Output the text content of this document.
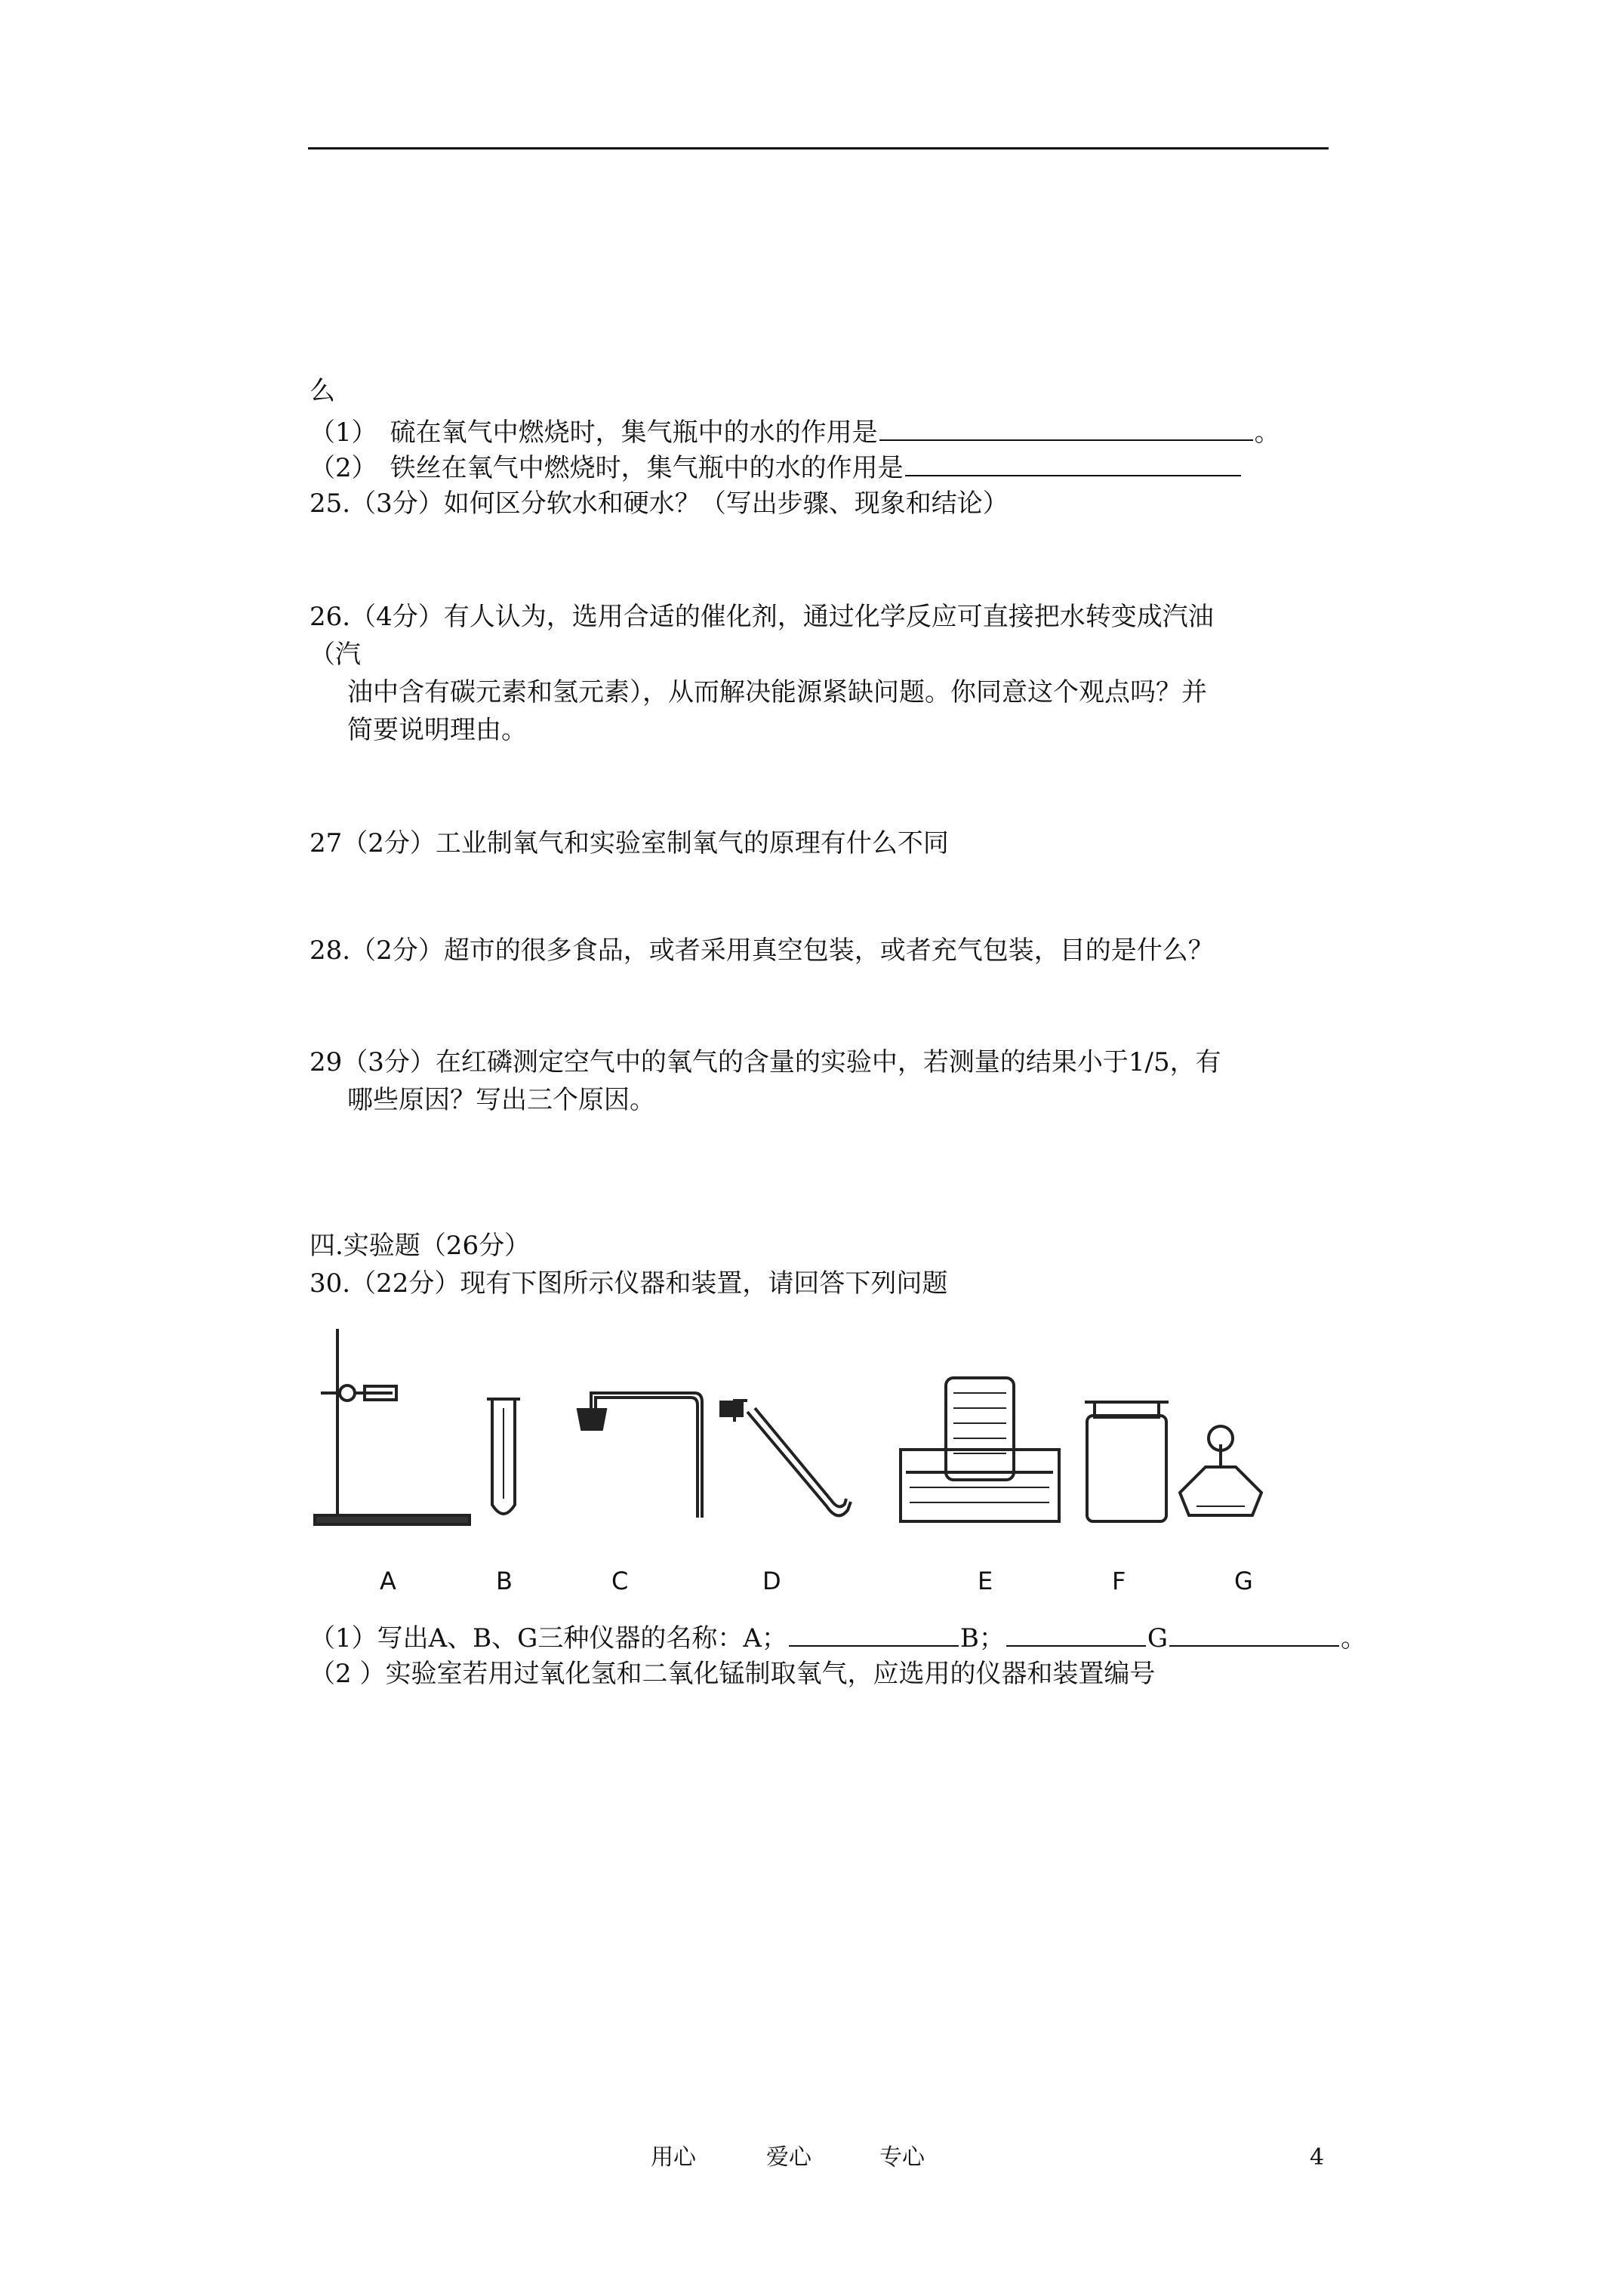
么
（1）　硫在氧气中燃烧时，集气瓶中的水的作用是	。
（2）　铁丝在氧气中燃烧时，集气瓶中的水的作用是
25.（3分）如何区分软水和硬水？（写出步骤、现象和结论）
26.（4分）有人认为，选用合适的催化剂，通过化学反应可直接把水转变成汽油
（汽
油中含有碳元素和氢元素），从而解决能源紧缺问题。你同意这个观点吗？并
简要说明理由。
27（2分）工业制氧气和实验室制氧气的原理有什么不同
28.（2分）超市的很多食品，或者采用真空包装，或者充气包装，目的是什么？
29（3分）在红磷测定空气中的氧气的含量的实验中，若测量的结果小于1/5，有
哪些原因？写出三个原因。
四.实验题（26分）
30.（22分）现有下图所示仪器和装置，请回答下列问题
A	B	C	D	E	F	G
（1）写出A、B、G三种仪器的名称：A；	B；	G	。
（2 ）实验室若用过氧化氢和二氧化锰制取氧气，应选用的仪器和装置编号
用心	爱心	专心	4
